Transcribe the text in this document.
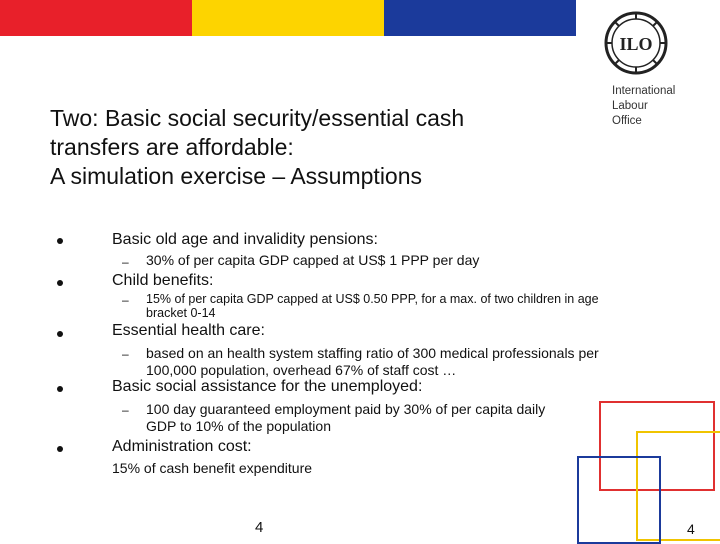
ILO
International
Labour
Office
Two: Basic social security/essential cash
transfers are affordable:
A simulation exercise – Assumptions
Basic old age and invalidity pensions:
– 30% of per capita GDP capped at US$ 1 PPP per day
Child benefits:
– 15% of per capita GDP capped at US$ 0.50 PPP, for a max. of two children in age
bracket 0-14
Essential health care:
– based on an health system staffing ratio of 300 medical professionals per
100,000 population, overhead 67% of staff cost …
Basic social assistance for the unemployed:
– 100 day guaranteed employment paid by 30% of per capita daily
GDP to 10% of the population
Administration cost:
15% of cash benefit expenditure
4	4
